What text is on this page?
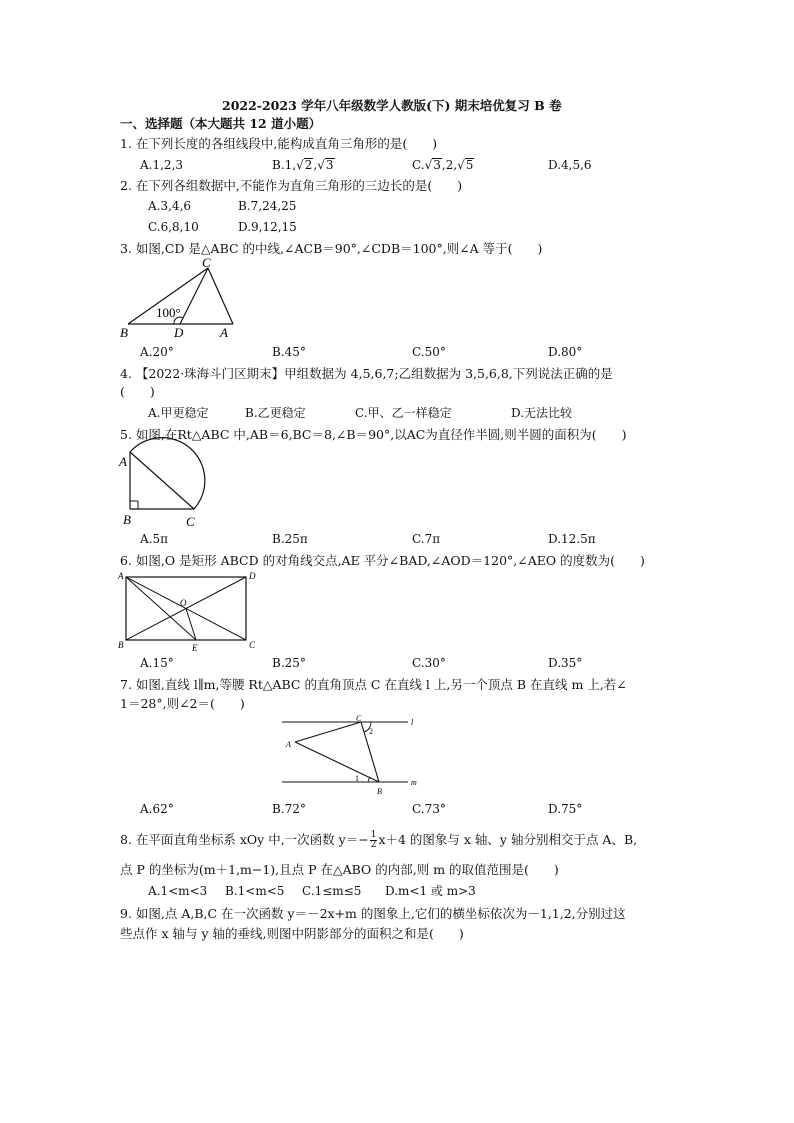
2022-2023 学年八年级数学人教版(下) 期末培优复习 B 卷
一、选择题（本大题共 12 道小题）
1. 在下列长度的各组线段中,能构成直角三角形的是(　　)
A.1,2,3	B.1,√2,√3	C.√3,2,√5	D.4,5,6
2. 在下列各组数据中,不能作为直角三角形的三边长的是(　　)
A.3,4,6	B.7,24,25
C.6,8,10	D.9,12,15
3. 如图,CD 是△ABC 的中线,∠ACB＝90°,∠CDB＝100°,则∠A 等于(　　)
C
B	D	A
100°
A.20°	B.45°	C.50°	D.80°
4. 【2022·珠海斗门区期末】甲组数据为 4,5,6,7;乙组数据为 3,5,6,8,下列说法正确的是
(　　)
A.甲更稳定	B.乙更稳定	C.甲、乙一样稳定	D.无法比较
5. 如图,在Rt△ABC 中,AB＝6,BC＝8,∠B＝90°,以AC为直径作半圆,则半圆的面积为(　　)
A
B	C
A.5π	B.25π	C.7π	D.12.5π
6. 如图,O 是矩形 ABCD 的对角线交点,AE 平分∠BAD,∠AOD＝120°,∠AEO 的度数为(　　)
A	D
B	C
O
E
A.15°	B.25°	C.30°	D.35°
7. 如图,直线 l∥m,等腰 Rt△ABC 的直角顶点 C 在直线 l 上,另一个顶点 B 在直线 m 上,若∠
1＝28°,则∠2＝(　　)
C	l
2
A
1
B
m
A.62°	B.72°	C.73°	D.75°
8. 在平面直角坐标系 xOy 中,一次函数 $y=- \frac{1}{2} x+4$ 的图象与 x 轴、y 轴分别相交于点 A、B,
点 P 的坐标为(m＋1,m−1),且点 P 在△ABO 的内部,则 m 的取值范围是(　　)
A.1<m<3 B.1<m<5 C.1≤m≤5 D.m<1 或 m>3
9. 如图,点 A,B,C 在一次函数 y＝－2x+m 的图象上,它们的横坐标依次为－1,1,2,分别过这
些点作 x 轴与 y 轴的垂线,则图中阴影部分的面积之和是(　　)
